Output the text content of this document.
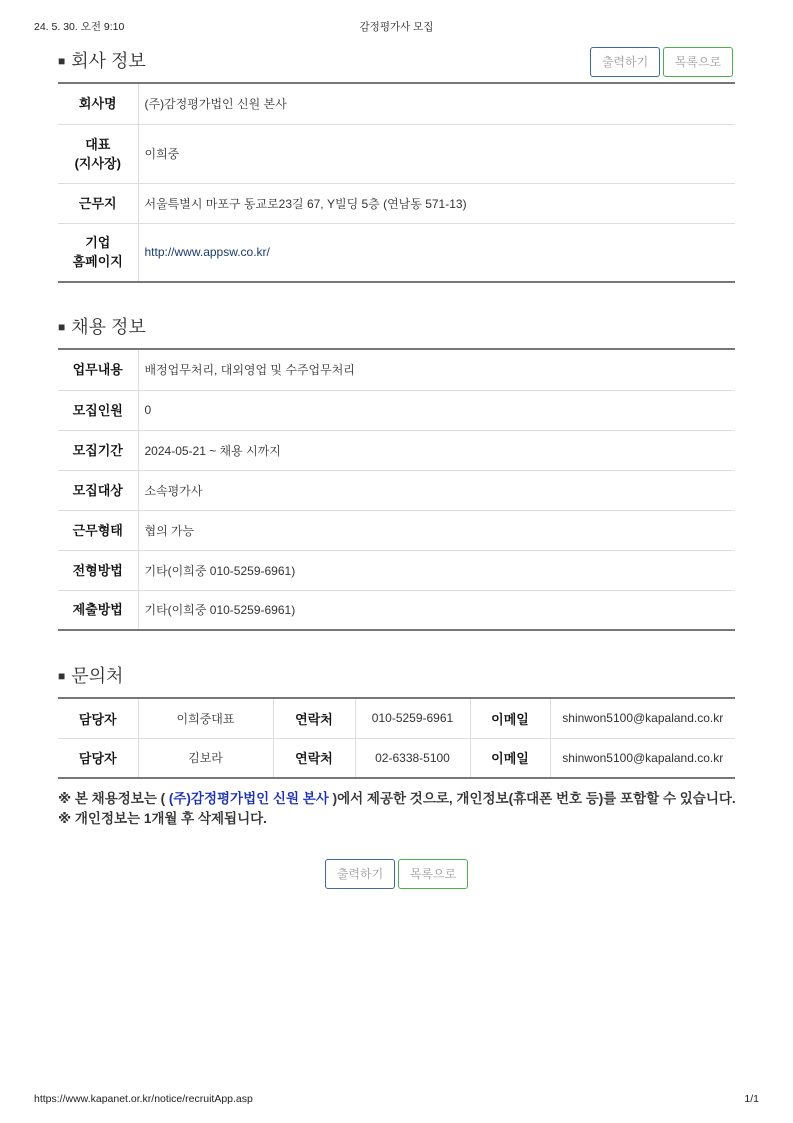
24. 5. 30. 오전 9:10	감정평가사 모집
■ 회사 정보	출력하기	목록으로
회사명	(주)감정평가법인 신원 본사
대표
(지사장)	이희중
근무지	서울특별시 마포구 동교로23길 67, Y빌딩 5층 (연남동 571-13)
기업
홈페이지	http://www.appsw.co.kr/
■ 채용 정보
업무내용	배정업무처리, 대외영업 및 수주업무처리
모집인원	0
모집기간	2024-05-21 ~ 채용 시까지
모집대상	소속평가사
근무형태	협의 가능
전형방법	기타(이희중 010-5259-6961)
제출방법	기타(이희중 010-5259-6961)
■ 문의처
담당자	이희중대표	연락처	010-5259-6961	이메일	shinwon5100@kapaland.co.kr
담당자	김보라	연락처	02-6338-5100	이메일	shinwon5100@kapaland.co.kr
※ 본 채용정보는 ( (주)감정평가법인 신원 본사 )에서 제공한 것으로, 개인정보(휴대폰 번호 등)를 포함할 수 있습니다.
※ 개인정보는 1개월 후 삭제됩니다.
출력하기	목록으로
https://www.kapanet.or.kr/notice/recruitApp.asp	1/1
